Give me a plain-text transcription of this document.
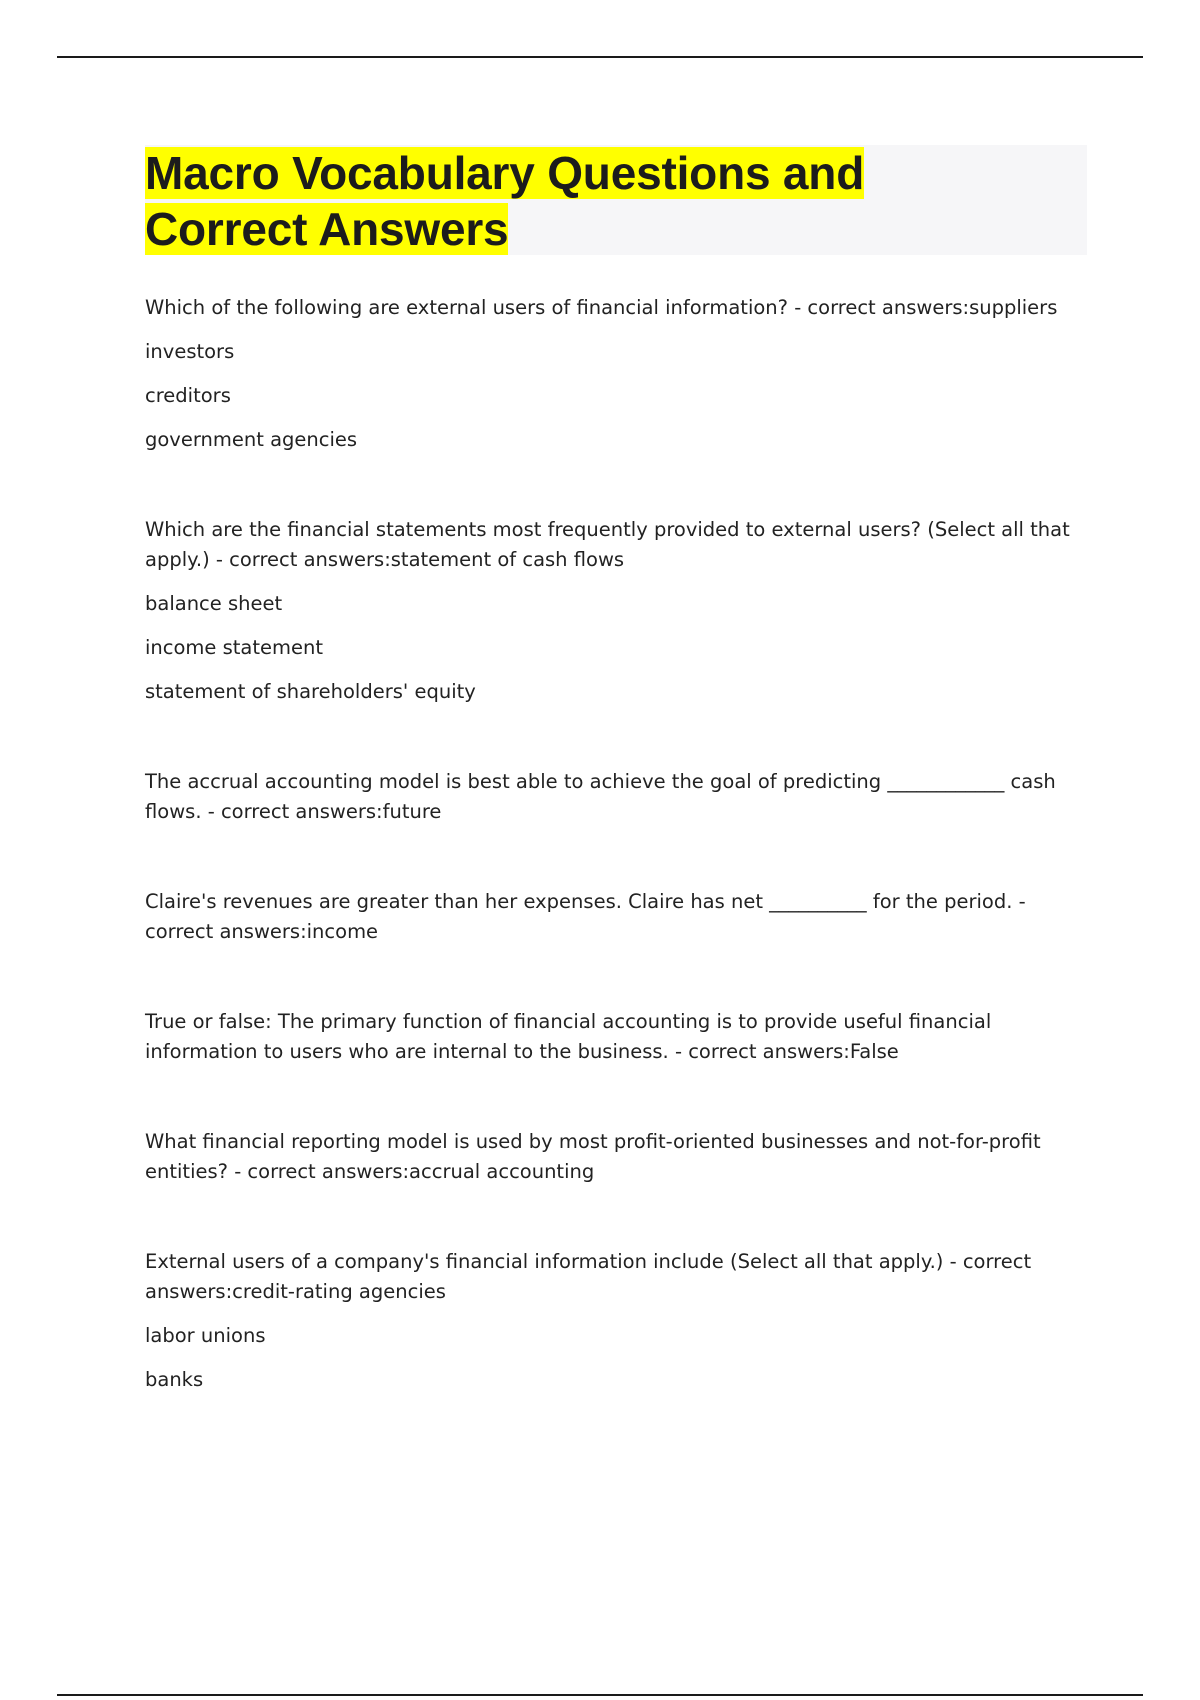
Macro Vocabulary Questions and
Correct Answers

Which of the following are external users of financial information? - correct answers:suppliers

investors

creditors

government agencies

Which are the financial statements most frequently provided to external users? (Select all that apply.) - correct answers:statement of cash flows

balance sheet

income statement

statement of shareholders' equity

The accrual accounting model is best able to achieve the goal of predicting ____________ cash flows. - correct answers:future

Claire's revenues are greater than her expenses. Claire has net __________ for the period. - correct answers:income

True or false: The primary function of financial accounting is to provide useful financial information to users who are internal to the business. - correct answers:False

What financial reporting model is used by most profit-oriented businesses and not-for-profit entities? - correct answers:accrual accounting

External users of a company's financial information include (Select all that apply.) - correct answers:credit-rating agencies

labor unions

banks
